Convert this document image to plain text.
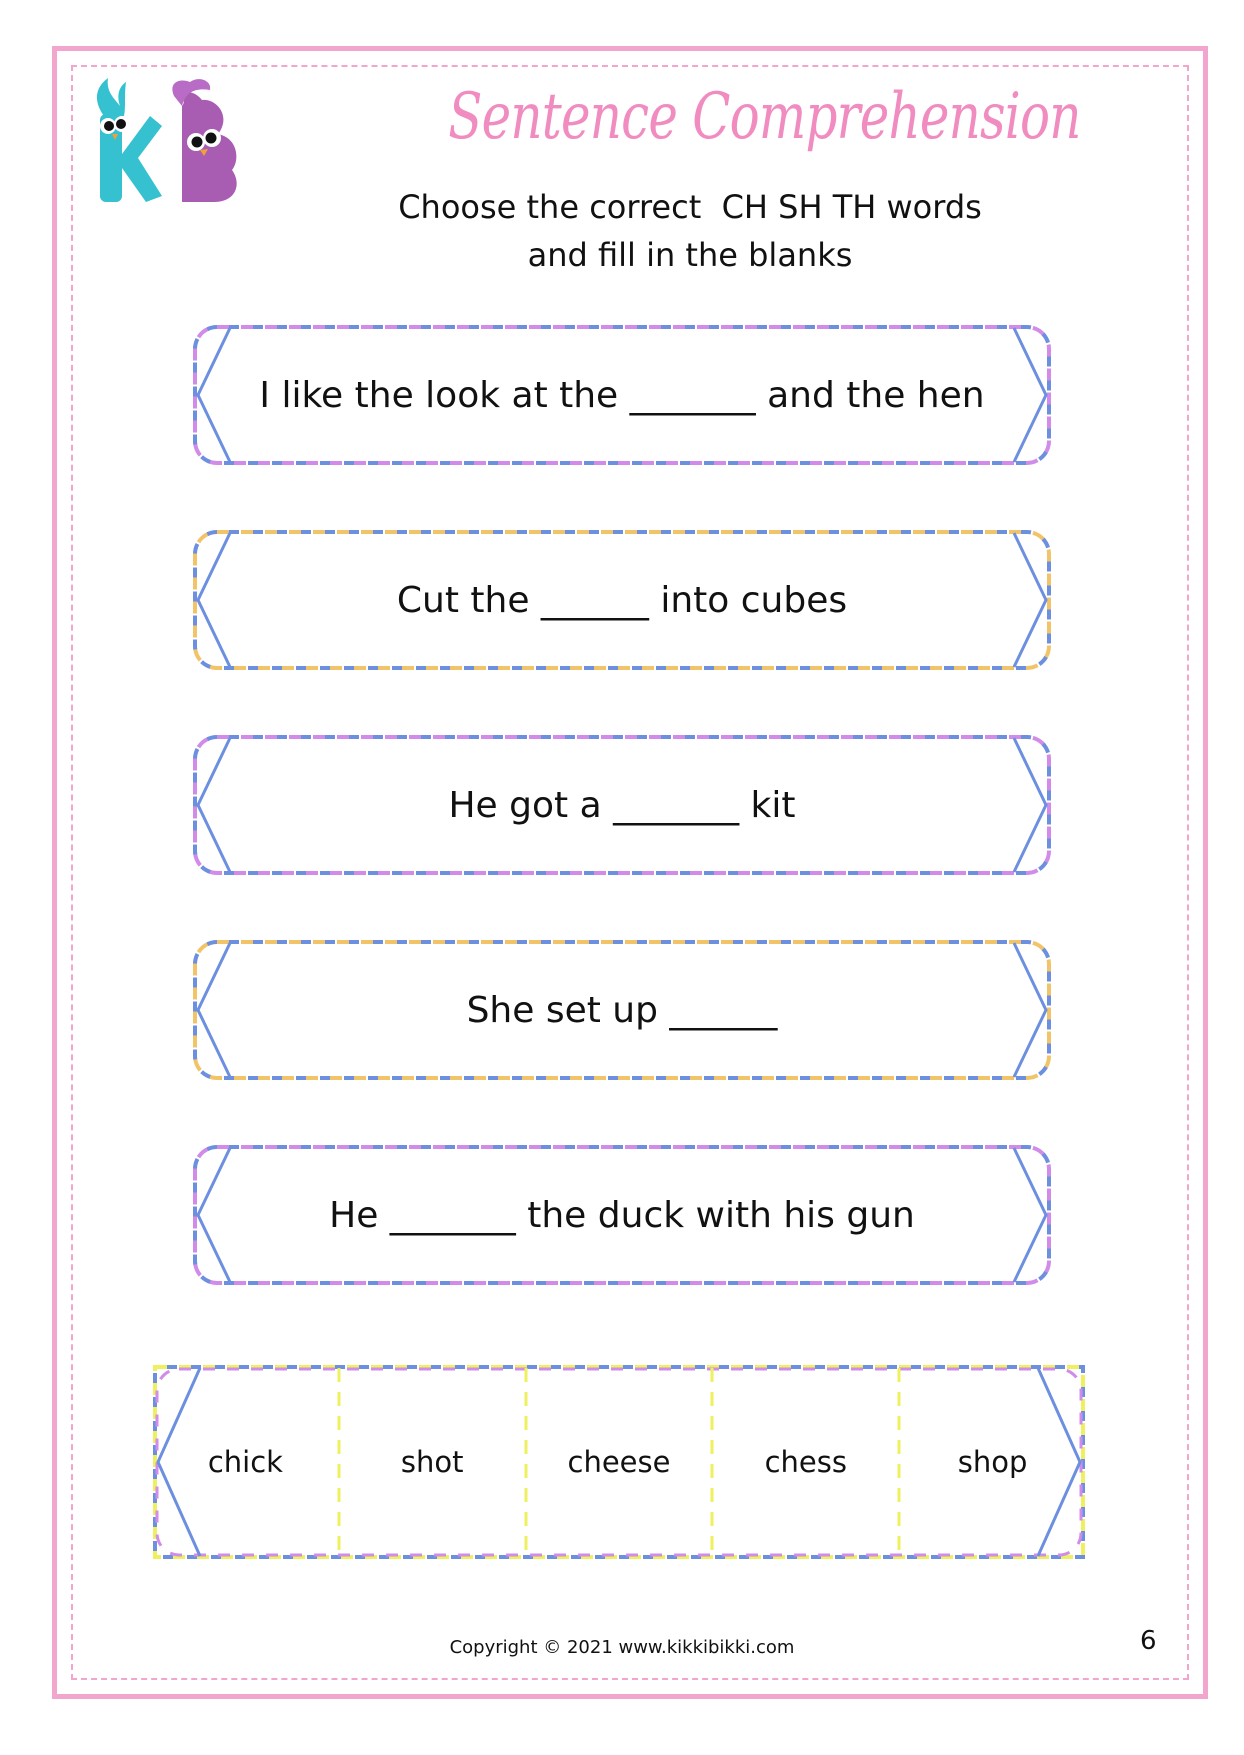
Sentence Comprehension
Choose the correct  CH SH TH words
and fill in the blanks
I like the look at the _______ and the hen
Cut the ______ into cubes
He got a _______ kit
She set up ______
He _______ the duck with his gun
chick	shot	cheese	chess	shop
Copyright © 2021 www.kikkibikki.com	6
